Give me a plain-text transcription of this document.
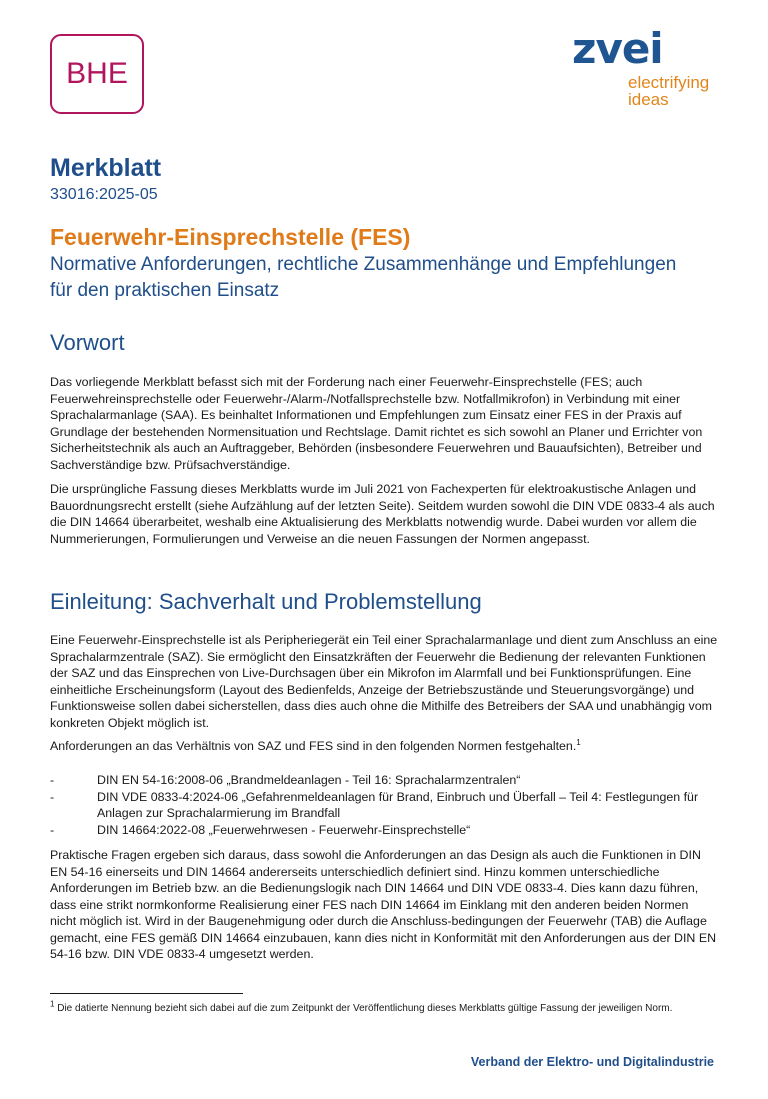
BHE
zvei
electrifying
ideas
Merkblatt
33016:2025-05
Feuerwehr-Einsprechstelle (FES)
Normative Anforderungen, rechtliche Zusammenhänge und Empfehlungen für den praktischen Einsatz
Vorwort
Das vorliegende Merkblatt befasst sich mit der Forderung nach einer Feuerwehr-Einsprechstelle (FES; auch Feuerwehreinsprechstelle oder Feuerwehr-/Alarm-/Notfallsprechstelle bzw. Notfallmikrofon) in Verbindung mit einer Sprachalarmanlage (SAA). Es beinhaltet Informationen und Empfehlungen zum Einsatz einer FES in der Praxis auf Grundlage der bestehenden Normensituation und Rechtslage. Damit richtet es sich sowohl an Planer und Errichter von Sicherheitstechnik als auch an Auftraggeber, Behörden (insbesondere Feuerwehren und Bauaufsichten), Betreiber und Sachverständige bzw. Prüfsachverständige.
Die ursprüngliche Fassung dieses Merkblatts wurde im Juli 2021 von Fachexperten für elektroakustische Anlagen und Bauordnungsrecht erstellt (siehe Aufzählung auf der letzten Seite). Seitdem wurden sowohl die DIN VDE 0833-4 als auch die DIN 14664 überarbeitet, weshalb eine Aktualisierung des Merkblatts notwendig wurde. Dabei wurden vor allem die Nummerierungen, Formulierungen und Verweise an die neuen Fassungen der Normen angepasst.
Einleitung: Sachverhalt und Problemstellung
Eine Feuerwehr-Einsprechstelle ist als Peripheriegerät ein Teil einer Sprachalarmanlage und dient zum Anschluss an eine Sprachalarmzentrale (SAZ). Sie ermöglicht den Einsatzkräften der Feuerwehr die Bedienung der relevanten Funktionen der SAZ und das Einsprechen von Live-Durchsagen über ein Mikrofon im Alarmfall und bei Funktionsprüfungen. Eine einheitliche Erscheinungsform (Layout des Bedienfelds, Anzeige der Betriebszustände und Steuerungsvorgänge) und Funktionsweise sollen dabei sicherstellen, dass dies auch ohne die Mithilfe des Betreibers der SAA und unabhängig vom konkreten Objekt möglich ist.
Anforderungen an das Verhältnis von SAZ und FES sind in den folgenden Normen festgehalten.$^1$
-	DIN EN 54-16:2008-06 „Brandmeldeanlagen - Teil 16: Sprachalarmzentralen“
-	DIN VDE 0833-4:2024-06 „Gefahrenmeldeanlagen für Brand, Einbruch und Überfall – Teil 4: Festlegungen für Anlagen zur Sprachalarmierung im Brandfall
-	DIN 14664:2022-08 „Feuerwehrwesen - Feuerwehr-Einsprechstelle“
Praktische Fragen ergeben sich daraus, dass sowohl die Anforderungen an das Design als auch die Funktionen in DIN EN 54-16 einerseits und DIN 14664 andererseits unterschiedlich definiert sind. Hinzu kommen unterschiedliche Anforderungen im Betrieb bzw. an die Bedienungslogik nach DIN 14664 und DIN VDE 0833-4. Dies kann dazu führen, dass eine strikt normkonforme Realisierung einer FES nach DIN 14664 im Einklang mit den anderen beiden Normen nicht möglich ist. Wird in der Baugenehmigung oder durch die Anschluss-bedingungen der Feuerwehr (TAB) die Auflage gemacht, eine FES gemäß DIN 14664 einzubauen, kann dies nicht in Konformität mit den Anforderungen aus der DIN EN 54-16 bzw. DIN VDE 0833-4 umgesetzt werden.
$^1$ Die datierte Nennung bezieht sich dabei auf die zum Zeitpunkt der Veröffentlichung dieses Merkblatts gültige Fassung der jeweiligen Norm.
Verband der Elektro- und Digitalindustrie
